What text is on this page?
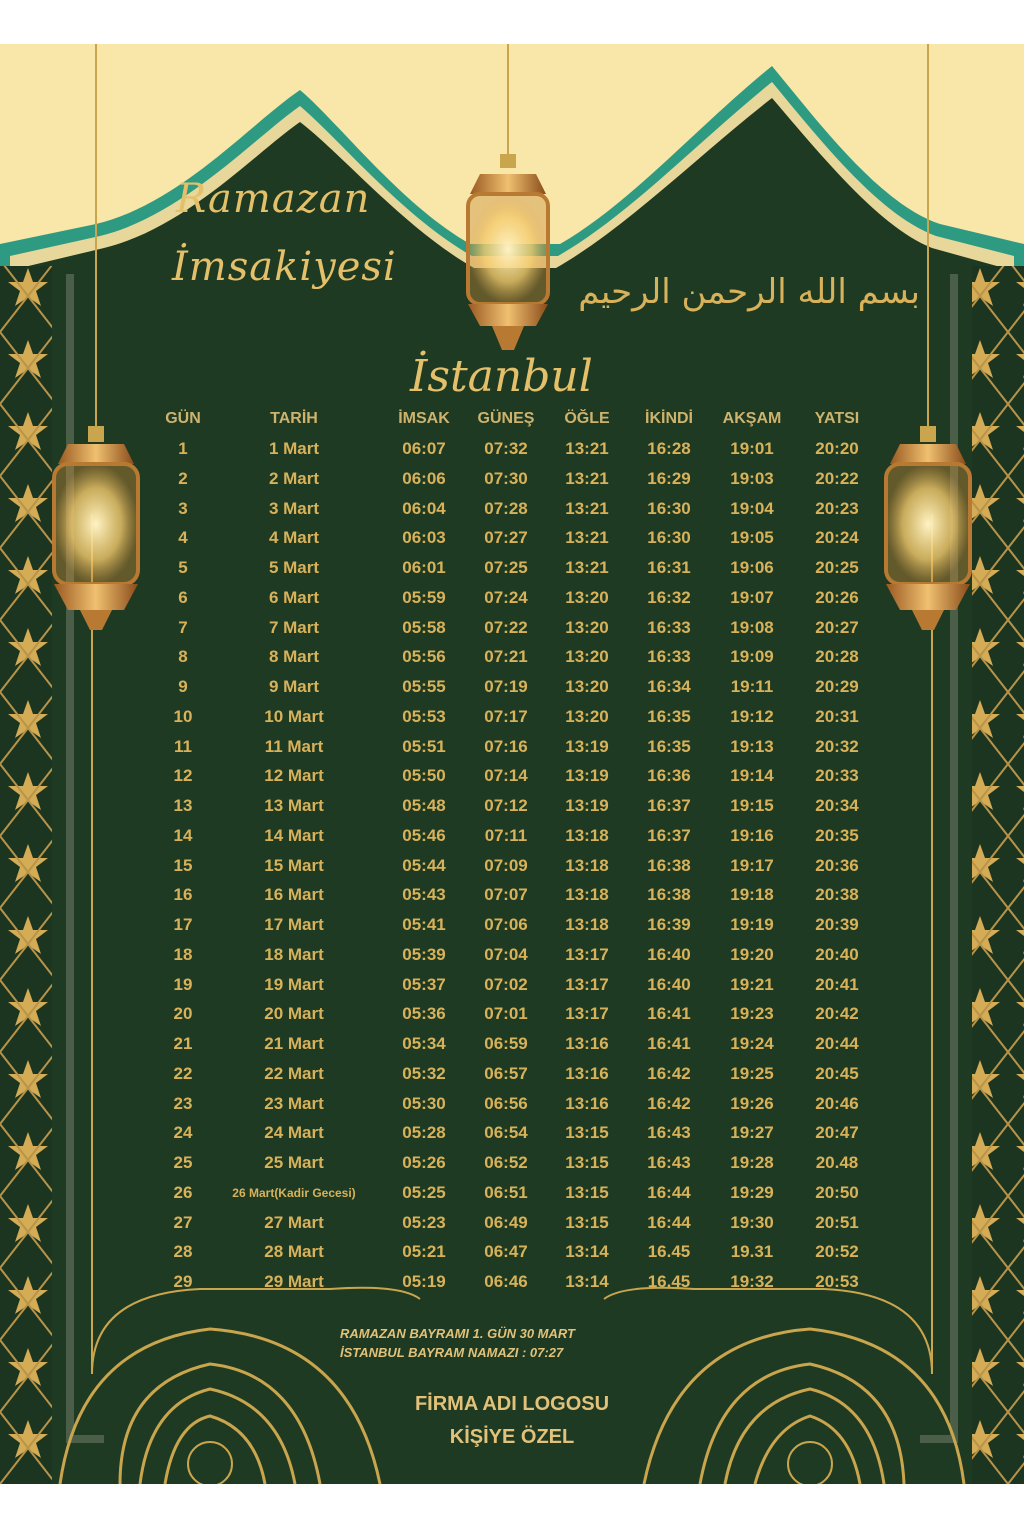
Ramazan
İmsakiyesi
2025
بسم الله الرحمن الرحيم
İstanbul
GÜN	TARİH	İMSAK	GÜNEŞ	ÖĞLE	İKİNDİ	AKŞAM	YATSI
1	1 Mart	06:07	07:32	13:21	16:28	19:01	20:20
2	2 Mart	06:06	07:30	13:21	16:29	19:03	20:22
3	3 Mart	06:04	07:28	13:21	16:30	19:04	20:23
4	4 Mart	06:03	07:27	13:21	16:30	19:05	20:24
5	5 Mart	06:01	07:25	13:21	16:31	19:06	20:25
6	6 Mart	05:59	07:24	13:20	16:32	19:07	20:26
7	7 Mart	05:58	07:22	13:20	16:33	19:08	20:27
8	8 Mart	05:56	07:21	13:20	16:33	19:09	20:28
9	9 Mart	05:55	07:19	13:20	16:34	19:11	20:29
10	10 Mart	05:53	07:17	13:20	16:35	19:12	20:31
11	11 Mart	05:51	07:16	13:19	16:35	19:13	20:32
12	12 Mart	05:50	07:14	13:19	16:36	19:14	20:33
13	13 Mart	05:48	07:12	13:19	16:37	19:15	20:34
14	14 Mart	05:46	07:11	13:18	16:37	19:16	20:35
15	15 Mart	05:44	07:09	13:18	16:38	19:17	20:36
16	16 Mart	05:43	07:07	13:18	16:38	19:18	20:38
17	17 Mart	05:41	07:06	13:18	16:39	19:19	20:39
18	18 Mart	05:39	07:04	13:17	16:40	19:20	20:40
19	19 Mart	05:37	07:02	13:17	16:40	19:21	20:41
20	20 Mart	05:36	07:01	13:17	16:41	19:23	20:42
21	21 Mart	05:34	06:59	13:16	16:41	19:24	20:44
22	22 Mart	05:32	06:57	13:16	16:42	19:25	20:45
23	23 Mart	05:30	06:56	13:16	16:42	19:26	20:46
24	24 Mart	05:28	06:54	13:15	16:43	19:27	20:47
25	25 Mart	05:26	06:52	13:15	16:43	19:28	20.48
26	26 Mart(Kadir Gecesi)	05:25	06:51	13:15	16:44	19:29	20:50
27	27 Mart	05:23	06:49	13:15	16:44	19:30	20:51
28	28 Mart	05:21	06:47	13:14	16.45	19.31	20:52
29	29 Mart	05:19	06:46	13:14	16.45	19:32	20:53
RAMAZAN BAYRAMI 1. GÜN 30 MART
İSTANBUL BAYRAM NAMAZI : 07:27
FİRMA ADI LOGOSU
KİŞİYE ÖZEL
